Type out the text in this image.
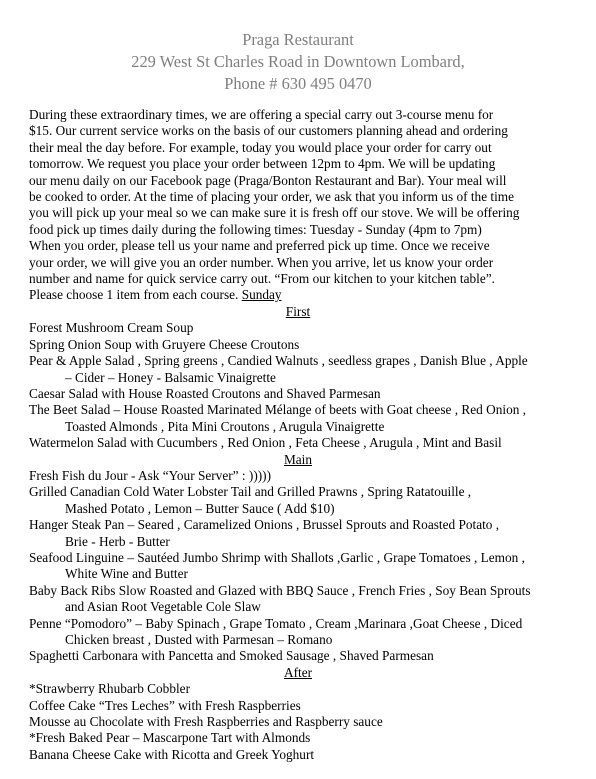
Praga Restaurant
229 West St Charles Road in Downtown Lombard,
Phone # 630 495 0470
During these extraordinary times, we are offering a special carry out 3-course menu for
$15. Our current service works on the basis of our customers planning ahead and ordering
their meal the day before. For example, today you would place your order for carry out
tomorrow. We request you place your order between 12pm to 4pm. We will be updating
our menu daily on our Facebook page (Praga/Bonton Restaurant and Bar). Your meal will
be cooked to order. At the time of placing your order, we ask that you inform us of the time
you will pick up your meal so we can make sure it is fresh off our stove. We will be offering
food pick up times daily during the following times: Tuesday - Sunday (4pm to 7pm)
When you order, please tell us your name and preferred pick up time. Once we receive
your order, we will give you an order number. When you arrive, let us know your order
number and name for quick service carry out. “From our kitchen to your kitchen table”.
Please choose 1 item from each course. Sunday
First
Forest Mushroom Cream Soup
Spring Onion Soup with Gruyere Cheese Croutons
Pear & Apple Salad , Spring greens , Candied Walnuts , seedless grapes , Danish Blue , Apple
– Cider – Honey - Balsamic Vinaigrette
Caesar Salad with House Roasted Croutons and Shaved Parmesan
The Beet Salad – House Roasted Marinated Mélange of beets with Goat cheese , Red Onion ,
Toasted Almonds , Pita Mini Croutons , Arugula Vinaigrette
Watermelon Salad with Cucumbers , Red Onion , Feta Cheese , Arugula , Mint and Basil
Main
Fresh Fish du Jour - Ask “Your Server” : )))))
Grilled Canadian Cold Water Lobster Tail and Grilled Prawns , Spring Ratatouille ,
Mashed Potato , Lemon – Butter Sauce ( Add $10)
Hanger Steak Pan – Seared , Caramelized Onions , Brussel Sprouts and Roasted Potato ,
Brie - Herb - Butter
Seafood Linguine – Sautéed Jumbo Shrimp with Shallots ,Garlic , Grape Tomatoes , Lemon ,
White Wine and Butter
Baby Back Ribs Slow Roasted and Glazed with BBQ Sauce , French Fries , Soy Bean Sprouts
and Asian Root Vegetable Cole Slaw
Penne “Pomodoro” – Baby Spinach , Grape Tomato , Cream ,Marinara ,Goat Cheese , Diced
Chicken breast , Dusted with Parmesan – Romano
Spaghetti Carbonara with Pancetta and Smoked Sausage , Shaved Parmesan
After
*Strawberry Rhubarb Cobbler
Coffee Cake “Tres Leches” with Fresh Raspberries
Mousse au Chocolate with Fresh Raspberries and Raspberry sauce
*Fresh Baked Pear – Mascarpone Tart with Almonds
Banana Cheese Cake with Ricotta and Greek Yoghurt
